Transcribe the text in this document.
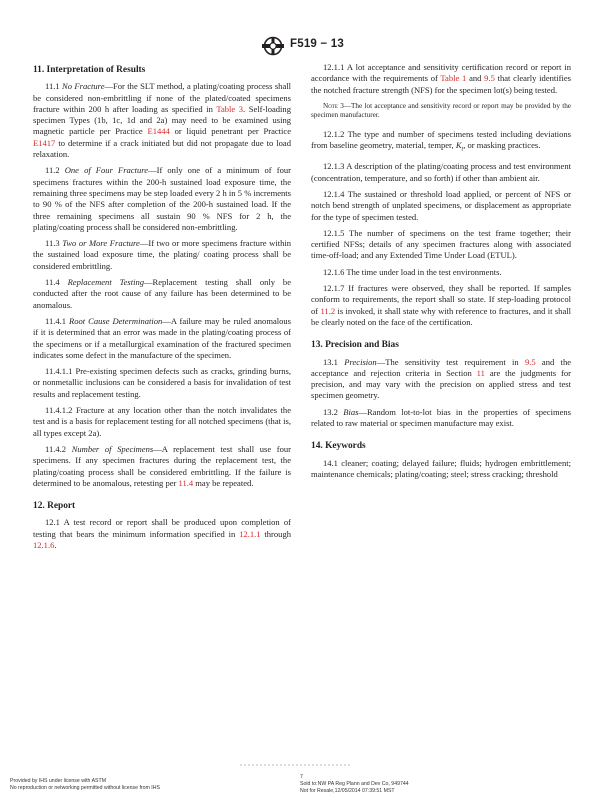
F519 − 13
11. Interpretation of Results

11.1 No Fracture—For the SLT method, a plating/coating process shall be considered non-embrittling if none of the plated/coated specimens fracture within 200 h after loading as specified in Table 3. Self-loading specimen Types (1b, 1c, 1d and 2a) may need to be examined using magnetic particle per Practice E1444 or liquid penetrant per Practice E1417 to determine if a crack initiated but did not propagate due to load relaxation.

11.2 One of Four Fracture—If only one of a minimum of four specimens fractures within the 200-h sustained load exposure time, the remaining three specimens may be step loaded every 2 h in 5 % increments to 90 % of the NFS after completion of the 200-h sustained load. If the three remaining specimens all sustain 90 % NFS for 2 h, the plating/coating process shall be considered non-embrittling.

11.3 Two or More Fracture—If two or more specimens fracture within the sustained load exposure time, the plating/ coating process shall be considered embrittling.

11.4 Replacement Testing—Replacement testing shall only be conducted after the root cause of any failure has been determined to be anomalous.

11.4.1 Root Cause Determination—A failure may be ruled anomalous if it is determined that an error was made in the plating/coating process of the specimens or if a metallurgical examination of the fractured specimen indicates some defect in the manufacture of the specimen.

11.4.1.1 Pre-existing specimen defects such as cracks, grinding burns, or nonmetallic inclusions can be considered a basis for invalidation of test results and replacement testing.

11.4.1.2 Fracture at any location other than the notch invalidates the test and is a basis for replacement testing for all notched specimens (that is, all types except 2a).

11.4.2 Number of Specimens—A replacement test shall use four specimens. If any specimen fractures during the replacement test, the plating/coating process shall be considered embrittling. If the failure is determined to be anomalous, retesting per 11.4 may be repeated.

12. Report

12.1 A test record or report shall be produced upon completion of testing that bears the minimum information specified in 12.1.1 through 12.1.6.

12.1.1 A lot acceptance and sensitivity certification record or report in accordance with the requirements of Table 1 and 9.5 that clearly identifies the notched fracture strength (NFS) for the specimen lot(s) being tested.

Note 3—The lot acceptance and sensitivity record or report may be provided by the specimen manufacturer.

12.1.2 The type and number of specimens tested including deviations from baseline geometry, material, temper, $K_t$, or masking practices.

12.1.3 A description of the plating/coating process and test environment (concentration, temperature, and so forth) if other than ambient air.

12.1.4 The sustained or threshold load applied, or percent of NFS or notch bend strength of unplated specimens, or displacement as appropriate for the type of specimen tested.

12.1.5 The number of specimens on the test frame together; their certified NFSs; details of any specimen fractures along with associated time-off-load; and any Extended Time Under Load (ETUL).

12.1.6 The time under load in the test environments.

12.1.7 If fractures were observed, they shall be reported. If samples conform to requirements, the report shall so state. If step-loading protocol of 11.2 is invoked, it shall state why with reference to fractures, and it shall be clearly noted on the face of the certification.

13. Precision and Bias

13.1 Precision—The sensitivity test requirement in 9.5 and the acceptance and rejection criteria in Section 11 are the judgments for precision, and may vary with the precision on applied stress and test specimen geometry.

13.2 Bias—Random lot-to-lot bias in the properties of specimens related to raw material or specimen manufacture may exist.

14. Keywords

14.1 cleaner; coating; delayed failure; fluids; hydrogen embrittlement; maintenance chemicals; plating/coating; steel; stress cracking; threshold

Provided by IHS under license with ASTM
No reproduction or networking permitted without license from IHS
7
Sold to:NW PA Reg Plann and Dev Co, 949744
Not for Resale,12/05/2014 07:39:51 MST
